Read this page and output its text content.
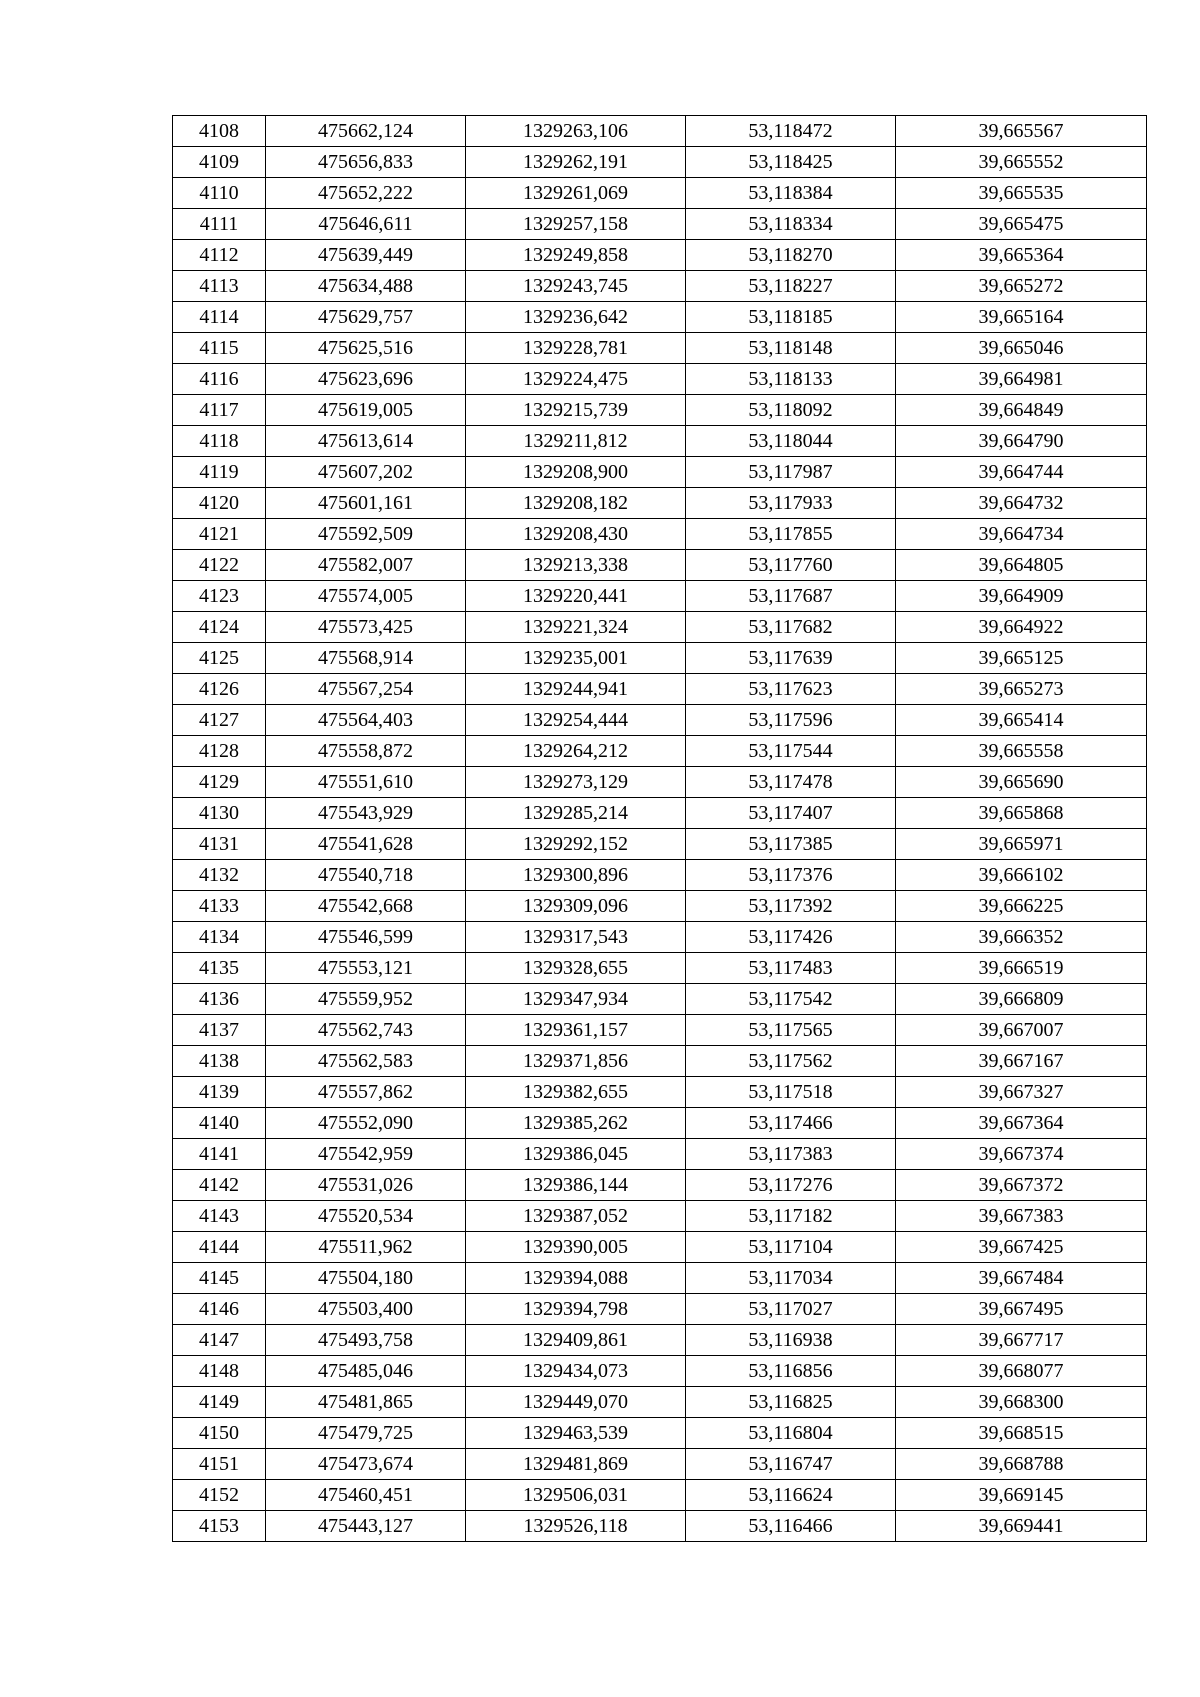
4108	475662,124	1329263,106	53,118472	39,665567
4109	475656,833	1329262,191	53,118425	39,665552
4110	475652,222	1329261,069	53,118384	39,665535
4111	475646,611	1329257,158	53,118334	39,665475
4112	475639,449	1329249,858	53,118270	39,665364
4113	475634,488	1329243,745	53,118227	39,665272
4114	475629,757	1329236,642	53,118185	39,665164
4115	475625,516	1329228,781	53,118148	39,665046
4116	475623,696	1329224,475	53,118133	39,664981
4117	475619,005	1329215,739	53,118092	39,664849
4118	475613,614	1329211,812	53,118044	39,664790
4119	475607,202	1329208,900	53,117987	39,664744
4120	475601,161	1329208,182	53,117933	39,664732
4121	475592,509	1329208,430	53,117855	39,664734
4122	475582,007	1329213,338	53,117760	39,664805
4123	475574,005	1329220,441	53,117687	39,664909
4124	475573,425	1329221,324	53,117682	39,664922
4125	475568,914	1329235,001	53,117639	39,665125
4126	475567,254	1329244,941	53,117623	39,665273
4127	475564,403	1329254,444	53,117596	39,665414
4128	475558,872	1329264,212	53,117544	39,665558
4129	475551,610	1329273,129	53,117478	39,665690
4130	475543,929	1329285,214	53,117407	39,665868
4131	475541,628	1329292,152	53,117385	39,665971
4132	475540,718	1329300,896	53,117376	39,666102
4133	475542,668	1329309,096	53,117392	39,666225
4134	475546,599	1329317,543	53,117426	39,666352
4135	475553,121	1329328,655	53,117483	39,666519
4136	475559,952	1329347,934	53,117542	39,666809
4137	475562,743	1329361,157	53,117565	39,667007
4138	475562,583	1329371,856	53,117562	39,667167
4139	475557,862	1329382,655	53,117518	39,667327
4140	475552,090	1329385,262	53,117466	39,667364
4141	475542,959	1329386,045	53,117383	39,667374
4142	475531,026	1329386,144	53,117276	39,667372
4143	475520,534	1329387,052	53,117182	39,667383
4144	475511,962	1329390,005	53,117104	39,667425
4145	475504,180	1329394,088	53,117034	39,667484
4146	475503,400	1329394,798	53,117027	39,667495
4147	475493,758	1329409,861	53,116938	39,667717
4148	475485,046	1329434,073	53,116856	39,668077
4149	475481,865	1329449,070	53,116825	39,668300
4150	475479,725	1329463,539	53,116804	39,668515
4151	475473,674	1329481,869	53,116747	39,668788
4152	475460,451	1329506,031	53,116624	39,669145
4153	475443,127	1329526,118	53,116466	39,669441
